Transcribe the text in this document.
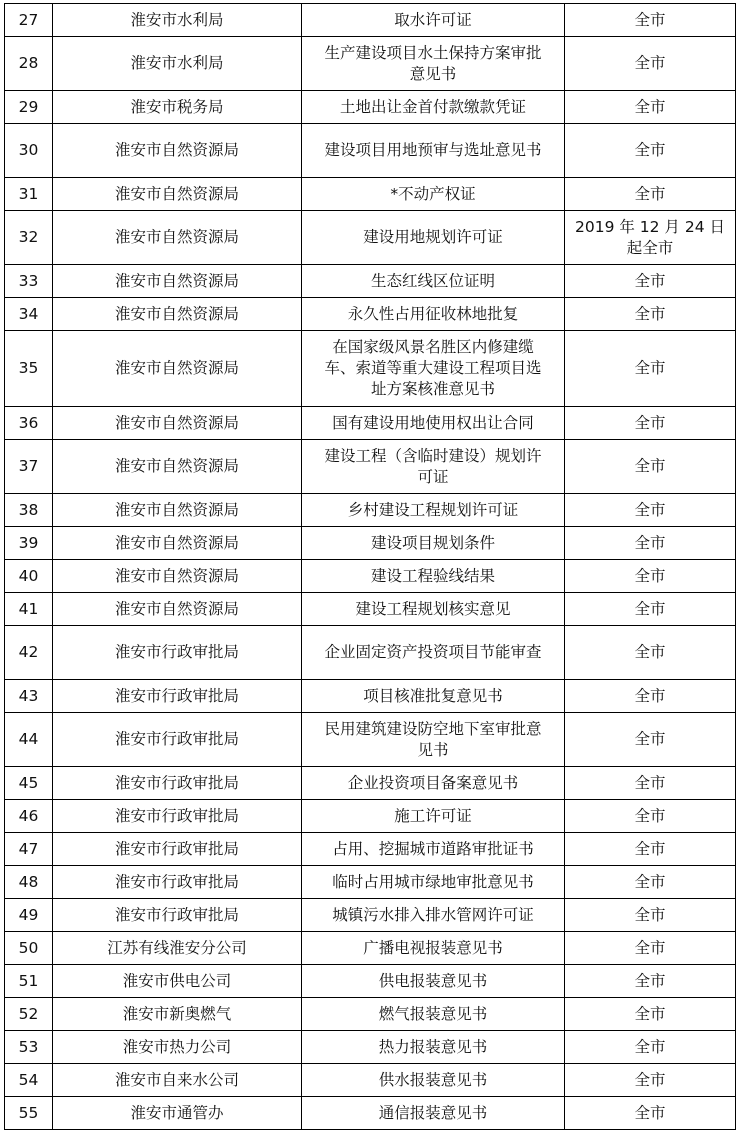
27	淮安市水利局	取水许可证	全市
28	淮安市水利局	生产建设项目水土保持方案审批意见书	全市
29	淮安市税务局	土地出让金首付款缴款凭证	全市
30	淮安市自然资源局	建设项目用地预审与选址意见书	全市
31	淮安市自然资源局	*不动产权证	全市
32	淮安市自然资源局	建设用地规划许可证	2019 年 12 月 24 日起全市
33	淮安市自然资源局	生态红线区位证明	全市
34	淮安市自然资源局	永久性占用征收林地批复	全市
35	淮安市自然资源局	在国家级风景名胜区内修建缆车、索道等重大建设工程项目选址方案核准意见书	全市
36	淮安市自然资源局	国有建设用地使用权出让合同	全市
37	淮安市自然资源局	建设工程（含临时建设）规划许可证	全市
38	淮安市自然资源局	乡村建设工程规划许可证	全市
39	淮安市自然资源局	建设项目规划条件	全市
40	淮安市自然资源局	建设工程验线结果	全市
41	淮安市自然资源局	建设工程规划核实意见	全市
42	淮安市行政审批局	企业固定资产投资项目节能审查	全市
43	淮安市行政审批局	项目核准批复意见书	全市
44	淮安市行政审批局	民用建筑建设防空地下室审批意见书	全市
45	淮安市行政审批局	企业投资项目备案意见书	全市
46	淮安市行政审批局	施工许可证	全市
47	淮安市行政审批局	占用、挖掘城市道路审批证书	全市
48	淮安市行政审批局	临时占用城市绿地审批意见书	全市
49	淮安市行政审批局	城镇污水排入排水管网许可证	全市
50	江苏有线淮安分公司	广播电视报装意见书	全市
51	淮安市供电公司	供电报装意见书	全市
52	淮安市新奥燃气	燃气报装意见书	全市
53	淮安市热力公司	热力报装意见书	全市
54	淮安市自来水公司	供水报装意见书	全市
55	淮安市通管办	通信报装意见书	全市
